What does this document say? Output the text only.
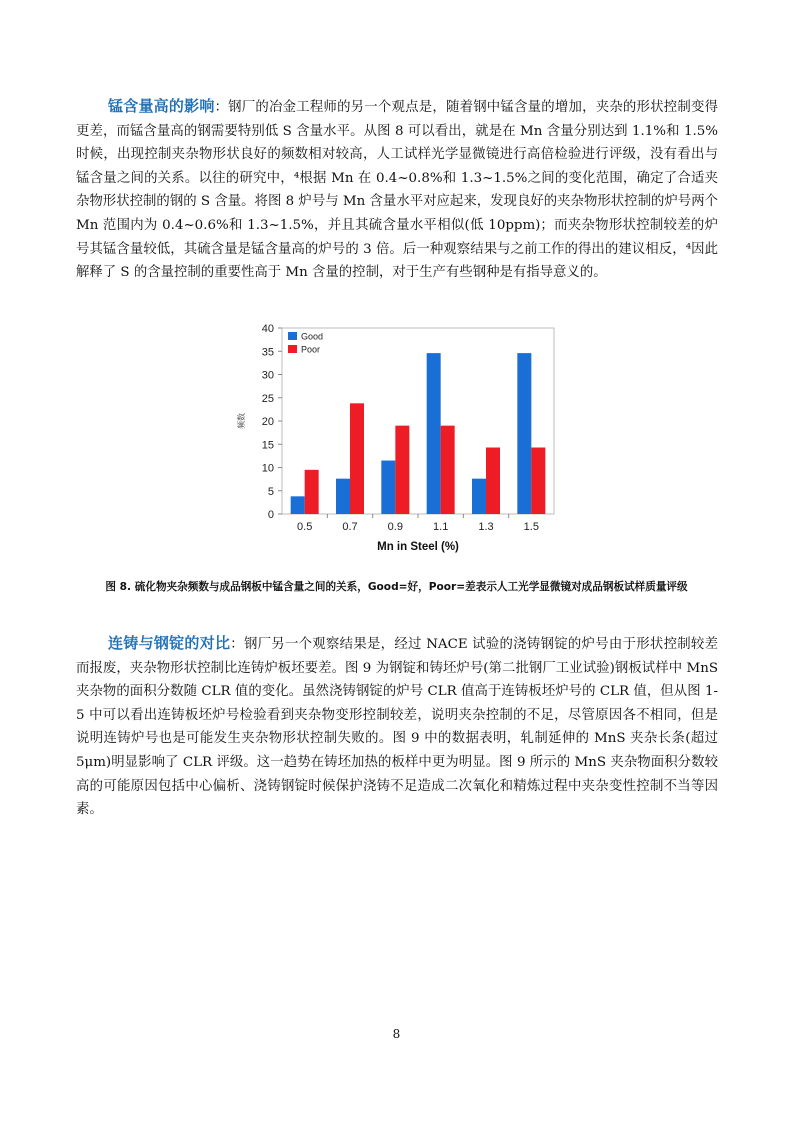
锰含量高的影响：钢厂的冶金工程师的另一个观点是，随着钢中锰含量的增加，夹杂的形状控制变得更差，而锰含量高的钢需要特别低 S 含量水平。从图 8 可以看出，就是在 Mn 含量分别达到 1.1%和 1.5%时候，出现控制夹杂物形状良好的频数相对较高，人工试样光学显微镜进行高倍检验进行评级，没有看出与锰含量之间的关系。以往的研究中，⁴根据 Mn 在 0.4~0.8%和 1.3~1.5%之间的变化范围，确定了合适夹杂物形状控制的钢的 S 含量。将图 8 炉号与 Mn 含量水平对应起来，发现良好的夹杂物形状控制的炉号两个 Mn 范围内为 0.4~0.6%和 1.3~1.5%，并且其硫含量水平相似(低 10ppm)；而夹杂物形状控制较差的炉号其锰含量较低，其硫含量是锰含量高的炉号的 3 倍。后一种观察结果与之前工作的得出的建议相反，⁴因此解释了 S 的含量控制的重要性高于 Mn 含量的控制，对于生产有些钢种是有指导意义的。

0
5
10
15
20
25
30
35
40
0.5	0.7	0.9	1.1	1.3	1.5
Mn in Steel (%)
频数
Good
Poor
图 8. 硫化物夹杂频数与成品钢板中锰含量之间的关系，Good=好，Poor=差表示人工光学显微镜对成品钢板试样质量评级

连铸与钢锭的对比：钢厂另一个观察结果是，经过 NACE 试验的浇铸钢锭的炉号由于形状控制较差而报废，夹杂物形状控制比连铸炉板坯要差。图 9 为钢锭和铸坯炉号(第二批钢厂工业试验)钢板试样中 MnS 夹杂物的面积分数随 CLR 值的变化。虽然浇铸钢锭的炉号 CLR 值高于连铸板坯炉号的 CLR 值，但从图 1-5 中可以看出连铸板坯炉号检验看到夹杂物变形控制较差，说明夹杂控制的不足，尽管原因各不相同，但是说明连铸炉号也是可能发生夹杂物形状控制失败的。图 9 中的数据表明，轧制延伸的 MnS 夹杂长条(超过 5μm)明显影响了 CLR 评级。这一趋势在铸坯加热的板样中更为明显。图 9 所示的 MnS 夹杂物面积分数较高的可能原因包括中心偏析、浇铸钢锭时候保护浇铸不足造成二次氧化和精炼过程中夹杂变性控制不当等因素。

8
